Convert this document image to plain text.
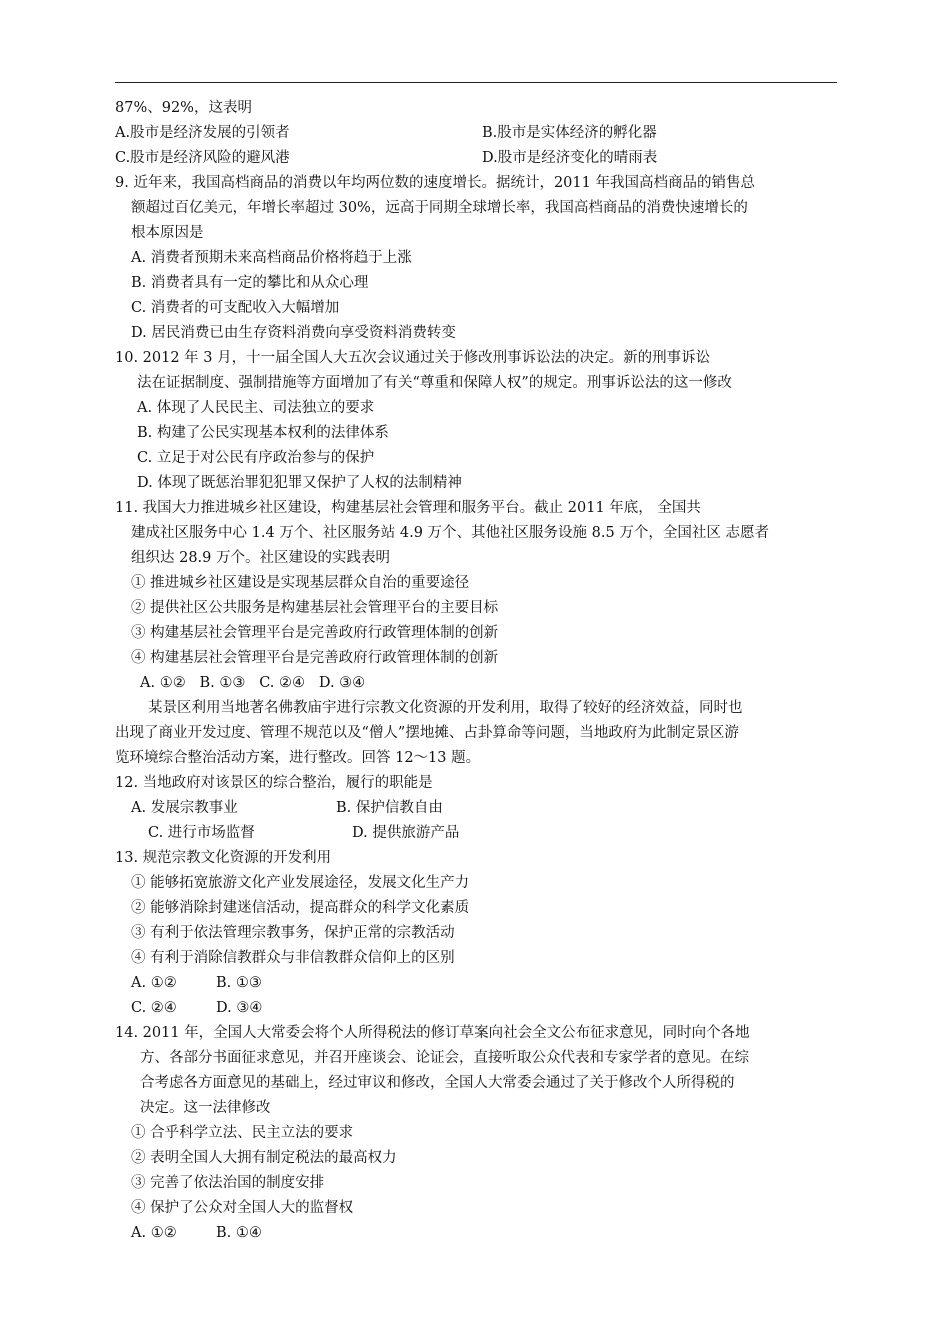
87%、92%，这表明
A.股市是经济发展的引领者	B.股市是实体经济的孵化器
C.股市是经济风险的避风港	D.股市是经济变化的晴雨表
9. 近年来，我国高档商品的消费以年均两位数的速度增长。据统计，2011 年我国高档商品的销售总
额超过百亿美元，年增长率超过 30%，远高于同期全球增长率，我国高档商品的消费快速增长的
根本原因是
A. 消费者预期未来高档商品价格将趋于上涨
B. 消费者具有一定的攀比和从众心理
C. 消费者的可支配收入大幅增加
D. 居民消费已由生存资料消费向享受资料消费转变
10. 2012 年 3 月，十一届全国人大五次会议通过关于修改刑事诉讼法的决定。新的刑事诉讼
法在证据制度、强制措施等方面增加了有关“尊重和保障人权”的规定。刑事诉讼法的这一修改
A. 体现了人民民主、司法独立的要求
B. 构建了公民实现基本权利的法律体系
C. 立足于对公民有序政治参与的保护
D. 体现了既惩治罪犯犯罪又保护了人权的法制精神
11. 我国大力推进城乡社区建设，构建基层社会管理和服务平台。截止 2011 年底， 全国共
建成社区服务中心 1.4 万个、社区服务站 4.9 万个、其他社区服务设施 8.5 万个，全国社区 志愿者
组织达 28.9 万个。社区建设的实践表明
① 推进城乡社区建设是实现基层群众自治的重要途径
② 提供社区公共服务是构建基层社会管理平台的主要目标
③ 构建基层社会管理平台是完善政府行政管理体制的创新
④ 构建基层社会管理平台是完善政府行政管理体制的创新
A. ①②   B. ①③   C. ②④   D. ③④
某景区利用当地著名佛教庙宇进行宗教文化资源的开发利用，取得了较好的经济效益，同时也
出现了商业开发过度、管理不规范以及“僧人”摆地摊、占卦算命等问题，当地政府为此制定景区游
览环境综合整治活动方案，进行整改。回答 12～13 题。
12. 当地政府对该景区的综合整治，履行的职能是
A. 发展宗教事业	B. 保护信教自由
C. 进行市场监督	D. 提供旅游产品
13. 规范宗教文化资源的开发利用
① 能够拓宽旅游文化产业发展途径，发展文化生产力
② 能够消除封建迷信活动，提高群众的科学文化素质
③ 有利于依法管理宗教事务，保护正常的宗教活动
④ 有利于消除信教群众与非信教群众信仰上的区别
A. ①②	B. ①③
C. ②④	D. ③④
14. 2011 年，全国人大常委会将个人所得税法的修订草案向社会全文公布征求意见，同时向个各地
方、各部分书面征求意见，并召开座谈会、论证会，直接听取公众代表和专家学者的意见。在综
合考虑各方面意见的基础上，经过审议和修改，全国人大常委会通过了关于修改个人所得税的
决定。这一法律修改
① 合乎科学立法、民主立法的要求
② 表明全国人大拥有制定税法的最高权力
③ 完善了依法治国的制度安排
④ 保护了公众对全国人大的监督权
A. ①②	B. ①④
